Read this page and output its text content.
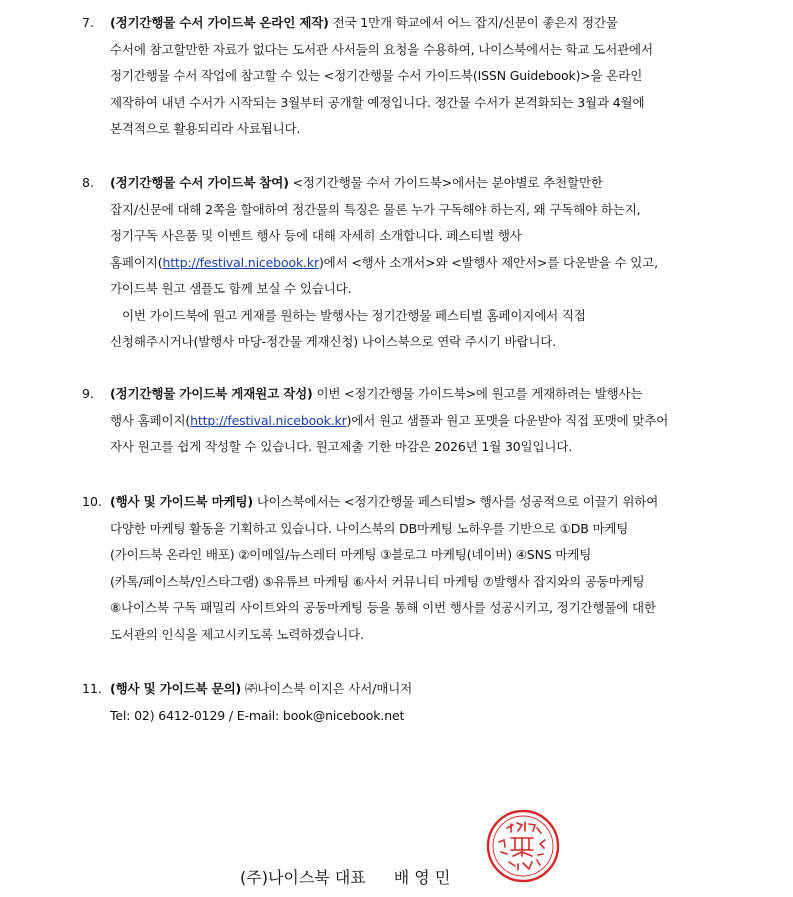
7. (정기간행물 수서 가이드북 온라인 제작) 전국 1만개 학교에서 어느 잡지/신문이 좋은지 정간물
수서에 참고할만한 자료가 없다는 도서관 사서들의 요청을 수용하여, 나이스북에서는 학교 도서관에서
정기간행물 수서 작업에 참고할 수 있는 <정기간행물 수서 가이드북(ISSN Guidebook)>을 온라인
제작하여 내년 수서가 시작되는 3월부터 공개할 예정입니다. 정간물 수서가 본격화되는 3월과 4월에
본격적으로 활용되리라 사료됩니다.
8. (정기간행물 수서 가이드북 참여) <정기간행물 수서 가이드북>에서는 분야별로 추천할만한
잡지/신문에 대해 2쪽을 할애하여 정간물의 특징은 물론 누가 구독해야 하는지, 왜 구독해야 하는지,
정기구독 사은품 및 이벤트 행사 등에 대해 자세히 소개합니다. 페스티벌 행사
홈페이지(http://festival.nicebook.kr)에서 <행사 소개서>와 <발행사 제안서>를 다운받을 수 있고,
가이드북 원고 샘플도 함께 보실 수 있습니다.
이번 가이드북에 원고 게재를 원하는 발행사는 정기간행물 페스티벌 홈페이지에서 직접
신청해주시거나(발행사 마당-정간물 게재신청) 나이스북으로 연락 주시기 바랍니다.
9. (정기간행물 가이드북 게재원고 작성) 이번 <정기간행물 가이드북>에 원고를 게재하려는 발행사는
행사 홈페이지(http://festival.nicebook.kr)에서 원고 샘플과 원고 포맷을 다운받아 직접 포맷에 맞추어
자사 원고를 쉽게 작성할 수 있습니다. 원고제출 기한 마감은 2026년 1월 30일입니다.
10. (행사 및 가이드북 마케팅) 나이스북에서는 <정기간행물 페스티벌> 행사를 성공적으로 이끌기 위하여
다양한 마케팅 활동을 기획하고 있습니다. 나이스북의 DB마케팅 노하우를 기반으로 ①DB 마케팅
(가이드북 온라인 배포) ②이메일/뉴스레터 마케팅 ③블로그 마케팅(네이버) ④SNS 마케팅
(카톡/페이스북/인스타그램) ⑤유튜브 마케팅 ⑥사서 커뮤니티 마케팅 ⑦발행사 잡지와의 공동마케팅
⑧나이스북 구독 패밀리 사이트와의 공동마케팅 등을 통해 이번 행사를 성공시키고, 정기간행물에 대한
도서관의 인식을 제고시키도록 노력하겠습니다.
11. (행사 및 가이드북 문의) ㈜나이스북 이지은 사서/매니저
Tel: 02) 6412-0129 / E-mail: book@nicebook.net
(주)나이스북 대표 배 영 민
